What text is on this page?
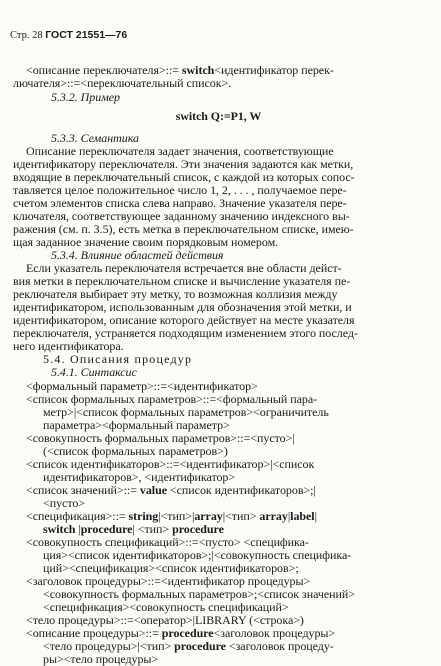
Стр. 28 ГОСТ 21551—76
<описание переключателя>::= switch<идентификатор перек-
лючателя>::=<переключательный список>.
5.3.2. Пример
switch Q:=P1, W
5.3.3. Семантика
Описание переключателя задает значения, соответствующие
идентификатору переключателя. Эти значения задаются как метки,
входящие в переключательный список, с каждой из которых сопос-
тавляется целое положительное число 1, 2, . . . , получаемое пере-
счетом элементов списка слева направо. Значение указателя пере-
ключателя, соответствующее заданному значению индексного вы-
ражения (см. п. 3.5), есть метка в переключательном списке, имею-
щая заданное значение своим порядковым номером.
5.3.4. Влияние областей действия
Если указатель переключателя встречается вне области дейст-
вия метки в переключательном списке и вычисление указателя пе-
реключателя выбирает эту метку, то возможная коллизия между
идентификатором, использованным для обозначения этой метки, и
идентификатором, описание которого действует на месте указателя
переключателя, устраняется подходящим изменением этого послед-
него идентификатора.
5.4. Описания процедур
5.4.1. Синтаксис
<формальный параметр>::=<идентификатор>
<список формальных параметров>::=<формальный пара-
метр>|<список формальных параметров><ограничитель
параметра><формальный параметр>
<совокупность формальных параметров>::=<пусто>|
(<список формальных параметров>)
<список идентификаторов>::=<идентификатор>|<список
идентификаторов>, <идентификатор>
<список значений>::= value <список идентификаторов>;|
<пусто>
<спецификация>::= string|<тип>|array|<тип> array|label|
switch |procedure| <тип> procedure
<совокупность спецификаций>::=<пусто> <специфика-
ция><список идентификаторов>;|<совокупность специфика-
ций><спецификация><список идентификаторов>;
<заголовок процедуры>::=<идентификатор процедуры>
<совокупность формальных параметров>;<список значений>
<спецификация><совокупность спецификаций>
<тело процедуры>::=<оператор>|LIBRARY (<строка>)
<описание процедуры>::= procedure<заголовок процедуры>
<тело процедуры>|<тип> procedure <заголовок процеду-
ры><тело процедуры>
